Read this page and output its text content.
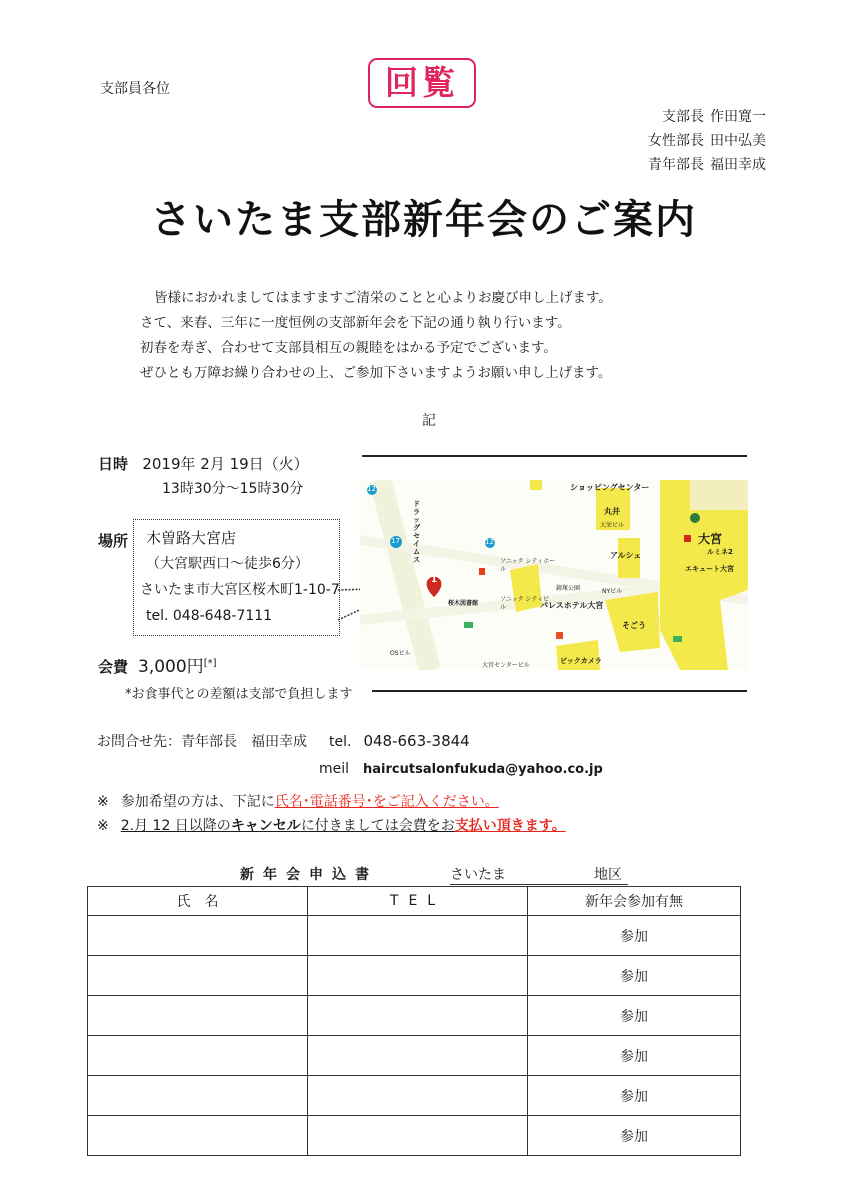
支部員各位	回覧
支部長 作田寛一
女性部長 田中弘美
青年部長 福田幸成
さいたま支部新年会のご案内

皆様におかれましてはますますご清栄のことと心よりお慶び申し上げます。

さて、来春、三年に一度恒例の支部新年会を下記の通り執り行います。

初春を寿ぎ、合わせて支部員相互の親睦をはかる予定でございます。

ぜひとも万障お繰り合わせの上、ご参加下さいますようお願い申し上げます。

記
日時 2019年 2月 19日（火）
13時30分～15時30分
場所 木曽路大宮店
（大宮駅西口～徒歩6分）
さいたま市大宮区桜木町1-10-7
tel. 048-648-7111
会費 3,000円[*]
*お食事代との差額は支部で負担します
1
121
17	121
ショッピングセンター
丸井
大栄ビル
アルシェ
大宮
ルミネ2
エキュート大宮
ドラッグセイムス	ソニック シティホール
ソニック シティビル	パレスホテル大宮
そごう
ビックカメラ
桜木図書館
大宮センタービル
鐘塚公園	NYビル
OSビル
お問合せ先：青年部長　福田幸成 tel. 048-663-3844
meil haircutsalonfukuda@yahoo.co.jp
※ 参加希望の方は、下記に氏名･電話番号･をご記入ください。
※ 2.月 12 日以降のキャンセルに付きましては会費をお支払い頂きます。
新年会申込書	さいたま	地区
氏　名	TEL	新年会参加有無
		参加
		参加
		参加
		参加
		参加
		参加
